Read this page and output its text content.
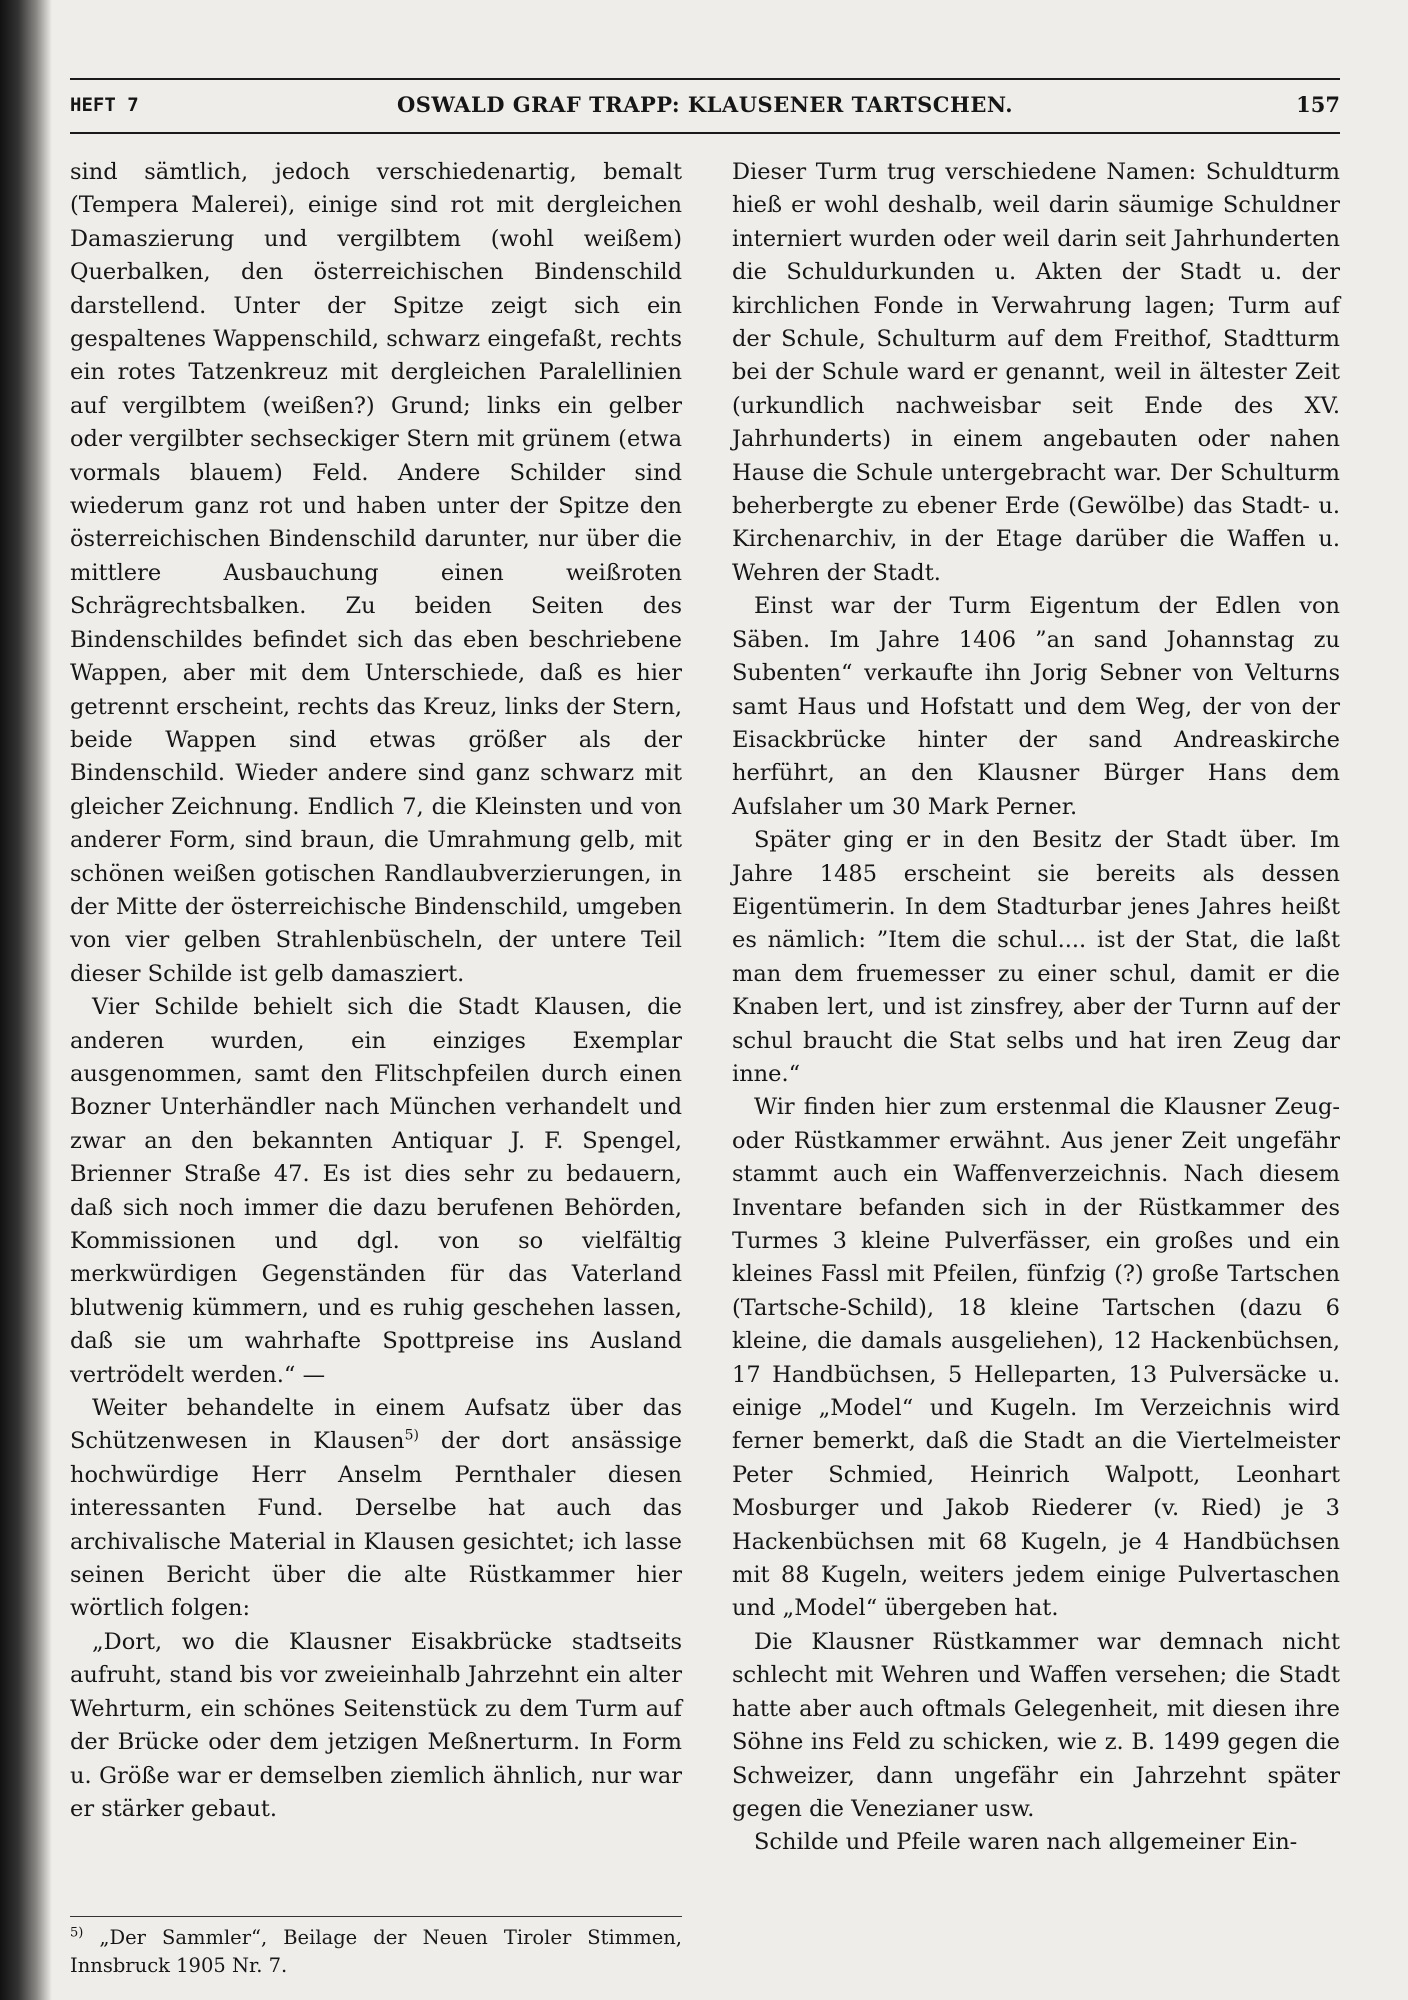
HEFT 7	OSWALD GRAF TRAPP: KLAUSENER TARTSCHEN.	157

sind sämtlich, jedoch verschiedenartig, bemalt (Tempera Malerei), einige sind rot mit dergleichen Damaszierung und vergilbtem (wohl weißem) Querbalken, den österreichischen Bindenschild darstellend. Unter der Spitze zeigt sich ein gespaltenes Wappenschild, schwarz eingefaßt, rechts ein rotes Tatzenkreuz mit dergleichen Paralellinien auf vergilbtem (weißen?) Grund; links ein gelber oder vergilbter sechseckiger Stern mit grünem (etwa vormals blauem) Feld. Andere Schilder sind wiederum ganz rot und haben unter der Spitze den österreichischen Bindenschild darunter, nur über die mittlere Ausbauchung einen weißroten Schrägrechtsbalken. Zu beiden Seiten des Bindenschildes befindet sich das eben beschriebene Wappen, aber mit dem Unterschiede, daß es hier getrennt erscheint, rechts das Kreuz, links der Stern, beide Wappen sind etwas größer als der Bindenschild. Wieder andere sind ganz schwarz mit gleicher Zeichnung. Endlich 7, die Kleinsten und von anderer Form, sind braun, die Umrahmung gelb, mit schönen weißen gotischen Randlaubverzierungen, in der Mitte der österreichische Bindenschild, umgeben von vier gelben Strahlenbüscheln, der untere Teil dieser Schilde ist gelb damasziert.

Vier Schilde behielt sich die Stadt Klausen, die anderen wurden, ein einziges Exemplar ausgenommen, samt den Flitschpfeilen durch einen Bozner Unterhändler nach München verhandelt und zwar an den bekannten Antiquar J. F. Spengel, Brienner Straße 47. Es ist dies sehr zu bedauern, daß sich noch immer die dazu berufenen Behörden, Kommissionen und dgl. von so vielfältig merkwürdigen Gegenständen für das Vaterland blutwenig kümmern, und es ruhig geschehen lassen, daß sie um wahrhafte Spottpreise ins Ausland vertrödelt werden.“ —

Weiter behandelte in einem Aufsatz über das Schützenwesen in Klausen$^{5)}$ der dort ansässige hochwürdige Herr Anselm Pernthaler diesen interessanten Fund. Derselbe hat auch das archivalische Material in Klausen gesichtet; ich lasse seinen Bericht über die alte Rüstkammer hier wörtlich folgen:

„Dort, wo die Klausner Eisakbrücke stadtseits aufruht, stand bis vor zweieinhalb Jahrzehnt ein alter Wehrturm, ein schönes Seitenstück zu dem Turm auf der Brücke oder dem jetzigen Meßnerturm. In Form u. Größe war er demselben ziemlich ähnlich, nur war er stärker gebaut.

$^{5)}$ „Der Sammler“, Beilage der Neuen Tiroler Stimmen, Innsbruck 1905 Nr. 7.

Dieser Turm trug verschiedene Namen: Schuldturm hieß er wohl deshalb, weil darin säumige Schuldner interniert wurden oder weil darin seit Jahrhunderten die Schuldurkunden u. Akten der Stadt u. der kirchlichen Fonde in Verwahrung lagen; Turm auf der Schule, Schulturm auf dem Freithof, Stadtturm bei der Schule ward er genannt, weil in ältester Zeit (urkundlich nachweisbar seit Ende des XV. Jahrhunderts) in einem angebauten oder nahen Hause die Schule untergebracht war. Der Schulturm beherbergte zu ebener Erde (Gewölbe) das Stadt- u. Kirchenarchiv, in der Etage darüber die Waffen u. Wehren der Stadt.

Einst war der Turm Eigentum der Edlen von Säben. Im Jahre 1406 ”an sand Johannstag zu Subenten“ verkaufte ihn Jorig Sebner von Velturns samt Haus und Hofstatt und dem Weg, der von der Eisackbrücke hinter der sand Andreaskirche herführt, an den Klausner Bürger Hans dem Aufslaher um 30 Mark Perner.

Später ging er in den Besitz der Stadt über. Im Jahre 1485 erscheint sie bereits als dessen Eigentümerin. In dem Stadturbar jenes Jahres heißt es nämlich: ”Item die schul.... ist der Stat, die laßt man dem fruemesser zu einer schul, damit er die Knaben lert, und ist zinsfrey, aber der Turnn auf der schul braucht die Stat selbs und hat iren Zeug dar inne.“

Wir finden hier zum erstenmal die Klausner Zeug- oder Rüstkammer erwähnt. Aus jener Zeit ungefähr stammt auch ein Waffenverzeichnis. Nach diesem Inventare befanden sich in der Rüstkammer des Turmes 3 kleine Pulverfässer, ein großes und ein kleines Fassl mit Pfeilen, fünfzig (?) große Tartschen (Tartsche-Schild), 18 kleine Tartschen (dazu 6 kleine, die damals ausgeliehen), 12 Hackenbüchsen, 17 Handbüchsen, 5 Helleparten, 13 Pulversäcke u. einige „Model“ und Kugeln. Im Verzeichnis wird ferner bemerkt, daß die Stadt an die Viertelmeister Peter Schmied, Heinrich Walpott, Leonhart Mosburger und Jakob Riederer (v. Ried) je 3 Hackenbüchsen mit 68 Kugeln, je 4 Handbüchsen mit 88 Kugeln, weiters jedem einige Pulvertaschen und „Model“ übergeben hat.

Die Klausner Rüstkammer war demnach nicht schlecht mit Wehren und Waffen versehen; die Stadt hatte aber auch oftmals Gelegenheit, mit diesen ihre Söhne ins Feld zu schicken, wie z. B. 1499 gegen die Schweizer, dann ungefähr ein Jahrzehnt später gegen die Venezianer usw.

Schilde und Pfeile waren nach allgemeiner Ein-
